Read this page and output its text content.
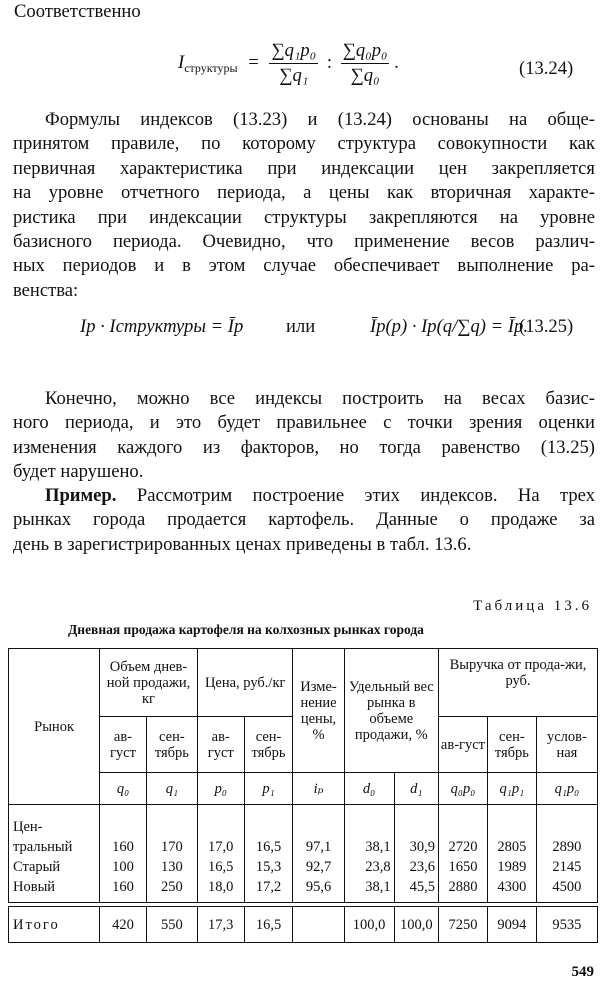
Соответственно
$I_{структуры} = \frac{\text{∑q₁p₀}}{\text{∑q₁}}$ : $\frac{\text{∑q₀p₀}}{\text{∑q₀}}$ .	(13.24)
Формулы индексов (13.23) и (13.24) основаны на обще-
принятом правиле, по которому структура совокупности как
первичная характеристика при индексации цен закрепляется
на уровне отчетного периода, а цены как вторичная характе-
ристика при индексации структуры закрепляются на уровне
базисного периода. Очевидно, что применение весов различ-
ных периодов и в этом случае обеспечивает выполнение ра-
венства:
Ip · Iструктуры = Īp или	Īp(p) · Ip(q/∑q) = Īp.
(13.25)
Конечно, можно все индексы построить на весах базис-
ного периода, и это будет правильнее с точки зрения оценки
изменения каждого из факторов, но тогда равенство (13.25)
будет нарушено.
Пример. Рассмотрим построение этих индексов. На трех
рынках города продается картофель. Данные о продаже за
день в зарегистрированных ценах приведены в табл. 13.6.
Таблица 13.6
Дневная продажа картофеля на колхозных рынках города
Рынок	Объем днев-ной продажи, кг		Цена, руб./кг		Изме-нение цены, %	Удельный вес рынка в объеме продажи, %		Выручка от прода-жи, руб.		
	ав-густ	сен-тябрь	ав-густ	сен-тябрь				ав-густ	сен-тябрь	услов-ная
	q₀	q₁	p₀	p₁	iₚ	d₀	d₁	q₀p₀	q₁p₁	q₁p₀

Цен-тральный	160	170	17,0	16,5	97,1	38,1	30,9	2720	2805	2890
Старый	100	130	16,5	15,3	92,7	23,8	23,6	1650	1989	2145
Новый	160	250	18,0	17,2	95,6	38,1	45,5	2880	4300	4500

Итого	420	550	17,3	16,5		100,0	100,0	7250	9094	9535
549
